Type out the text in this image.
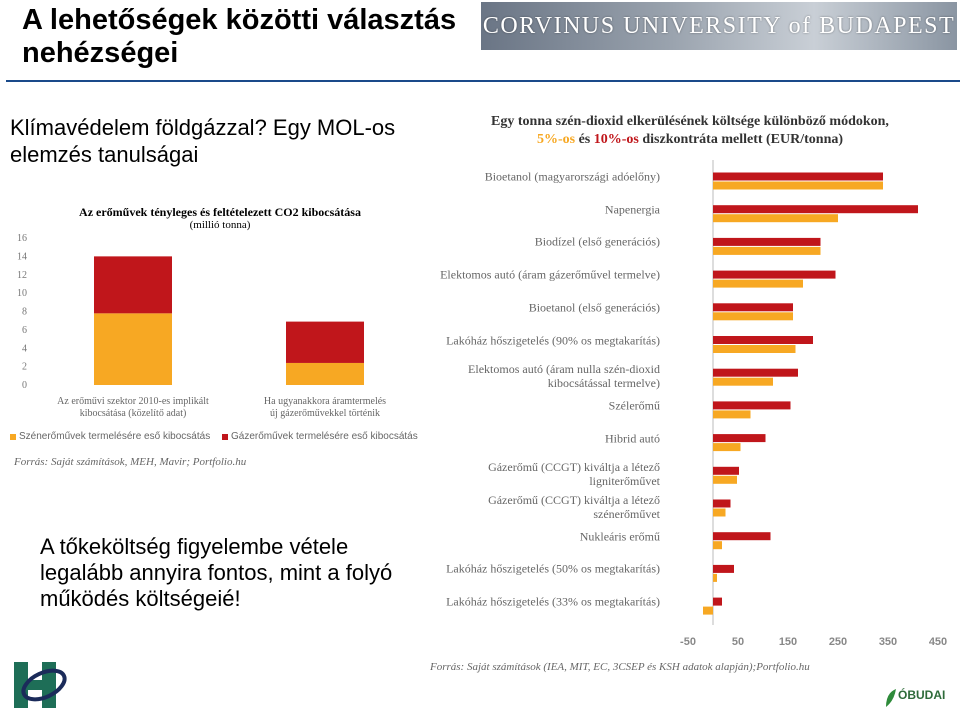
A lehetőségek közötti választás nehézségei
CORVINUS UNIVERSITY of BUDAPEST
Klímavédelem földgázzal? Egy MOL-os elemzés tanulságai
Az erőművek tényleges és feltételezett CO2 kibocsátása
(millió tonna)
0
2
4
6
8
10
12
14
16
Az erőművi szektor 2010-es implikált
kibocsátása (közelítő adat)
Ha ugyanakkora áramtermelés
új gázerőművekkel történik
Szénerőművek termelésére eső kibocsátás Gázerőművek termelésére eső kibocsátás
Forrás: Saját számítások, MEH, Mavir; Portfolio.hu
A tőkeköltség figyelembe vétele legalább annyira fontos, mint a folyó működés költségeié!
Egy tonna szén-dioxid elkerülésének költsége különböző módokon,
5%-os és 10%-os diszkontráta mellett (EUR/tonna)
Bioetanol (magyarországi adóelőny)
Napenergia
Biodízel (első generációs)
Elektomos autó (áram gázerőművel termelve)
Bioetanol (első generációs)
Lakóház hőszigetelés (90% os megtakarítás)
Elektomos autó (áram nulla szén-dioxid kibocsátással termelve)
Szélerőmű
Hibrid autó
Gázerőmű (CCGT) kiváltja a létező ligniterőművet
Gázerőmű (CCGT) kiváltja a létező szénerőművet
Nukleáris erőmű
Lakóház hőszigetelés (50% os megtakarítás)
Lakóház hőszigetelés (33% os megtakarítás)
-50	50	150	250	350	450
Forrás: Saját számítások (IEA, MIT, EC, 3CSEP és KSH adatok alapján);Portfolio.hu
ÓBUDAI
